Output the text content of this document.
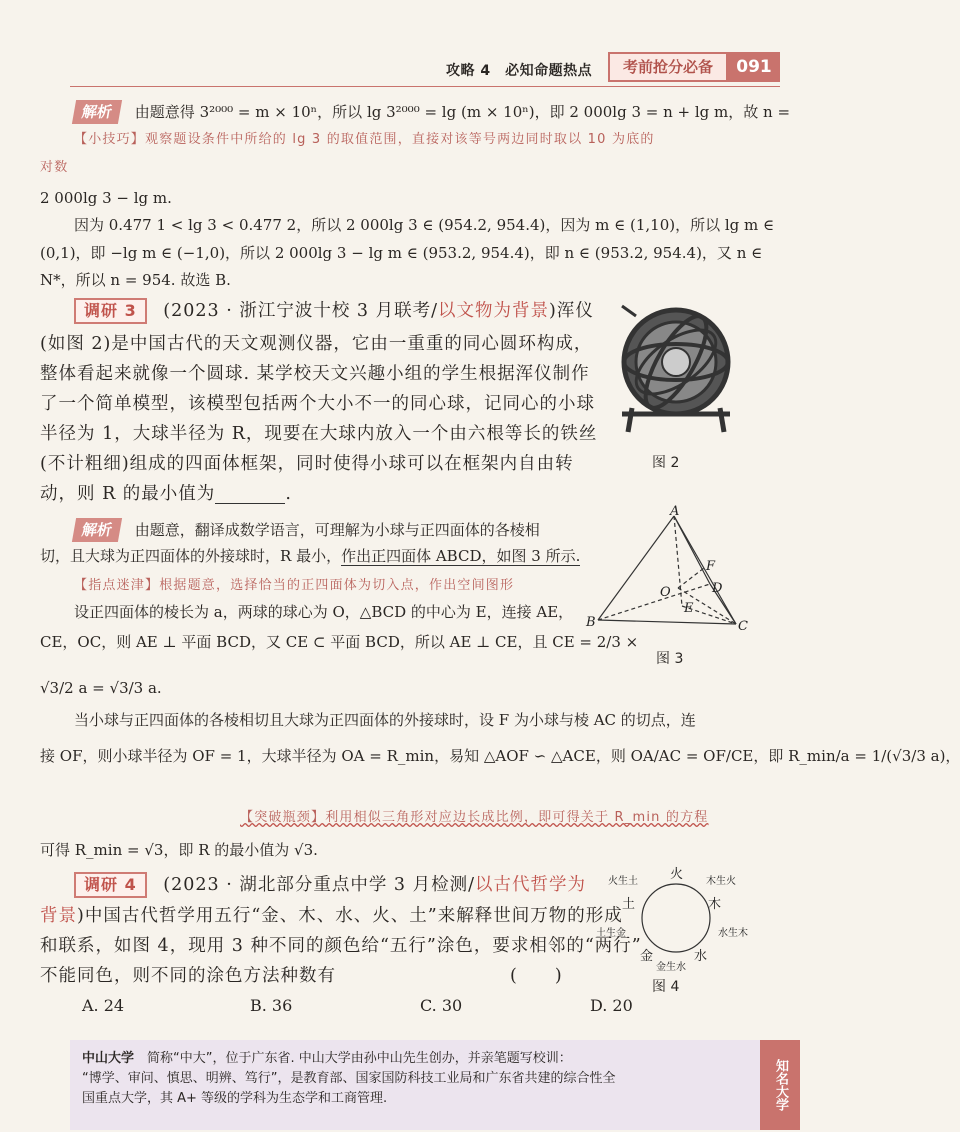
攻略 4　必知命题热点	考前抢分必备	091
解析 由题意得 3²⁰⁰⁰ = m × 10ⁿ，所以 lg 3²⁰⁰⁰ = lg (m × 10ⁿ)，即 2 000lg 3 = n + lg m，故 n =
【小技巧】观察题设条件中所给的 lg 3 的取值范围，直接对该等号两边同时取以 10 为底的
对数
2 000lg 3 − lg m.
因为 0.477 1 < lg 3 < 0.477 2，所以 2 000lg 3 ∈ (954.2, 954.4)，因为 m ∈ (1,10)，所以 lg m ∈
(0,1)，即 −lg m ∈ (−1,0)，所以 2 000lg 3 − lg m ∈ (953.2, 954.4)，即 n ∈ (953.2, 954.4)，又 n ∈
N*，所以 n = 954. 故选 B.
调研 3 (2023 · 浙江宁波十校 3 月联考/以文物为背景)浑仪
(如图 2)是中国古代的天文观测仪器，它由一重重的同心圆环构成，
整体看起来就像一个圆球. 某学校天文兴趣小组的学生根据浑仪制作
了一个简单模型，该模型包括两个大小不一的同心球，记同心的小球
半径为 1，大球半径为 R，现要在大球内放入一个由六根等长的铁丝
(不计粗细)组成的四面体框架，同时使得小球可以在框架内自由转
动，则 R 的最小值为	.
图 2
解析 由题意，翻译成数学语言，可理解为小球与正四面体的各棱相
切，且大球为正四面体的外接球时，R 最小，作出正四面体 ABCD，如图 3 所示.
【指点迷津】根据题意，选择恰当的正四面体为切入点，作出空间图形
设正四面体的棱长为 a，两球的球心为 O，△BCD 的中心为 E，连接 AE，
CE，OC，则 AE ⊥ 平面 BCD，又 CE ⊂ 平面 BCD，所以 AE ⊥ CE，且 CE = 2/3 ×
√3/2 a = √3/3 a.
当小球与正四面体的各棱相切且大球为正四面体的外接球时，设 F 为小球与棱 AC 的切点，连
接 OF，则小球半径为 OF = 1，大球半径为 OA = R_min，易知 △AOF ∽ △ACE，则 OA/AC = OF/CE，即 R_min/a = 1/(√3/3 a)，
【突破瓶颈】利用相似三角形对应边长成比例，即可得关于 R_min 的方程
可得 R_min = √3，即 R 的最小值为 √3.
A
B	C
D
E
F
O
图 3
调研 4 (2023 · 湖北部分重点中学 3 月检测/以古代哲学为
背景)中国古代哲学用五行“金、木、水、火、土”来解释世间万物的形成
和联系，如图 4，现用 3 种不同的颜色给“五行”涂色，要求相邻的“两行”
不能同色，则不同的涂色方法种数有	(　　)
A. 24	B. 36	C. 30	D. 20
火
木
水
金
土
火生土	木生火
水生木
金生水
土生金
图 4
中山大学　 简称“中大”，位于广东省. 中山大学由孙中山先生创办，并亲笔题写校训：
“博学、审问、慎思、明辨、笃行”，是教育部、国家国防科技工业局和广东省共建的综合性全
国重点大学，其 A+ 等级的学科为生态学和工商管理.	知名大学
